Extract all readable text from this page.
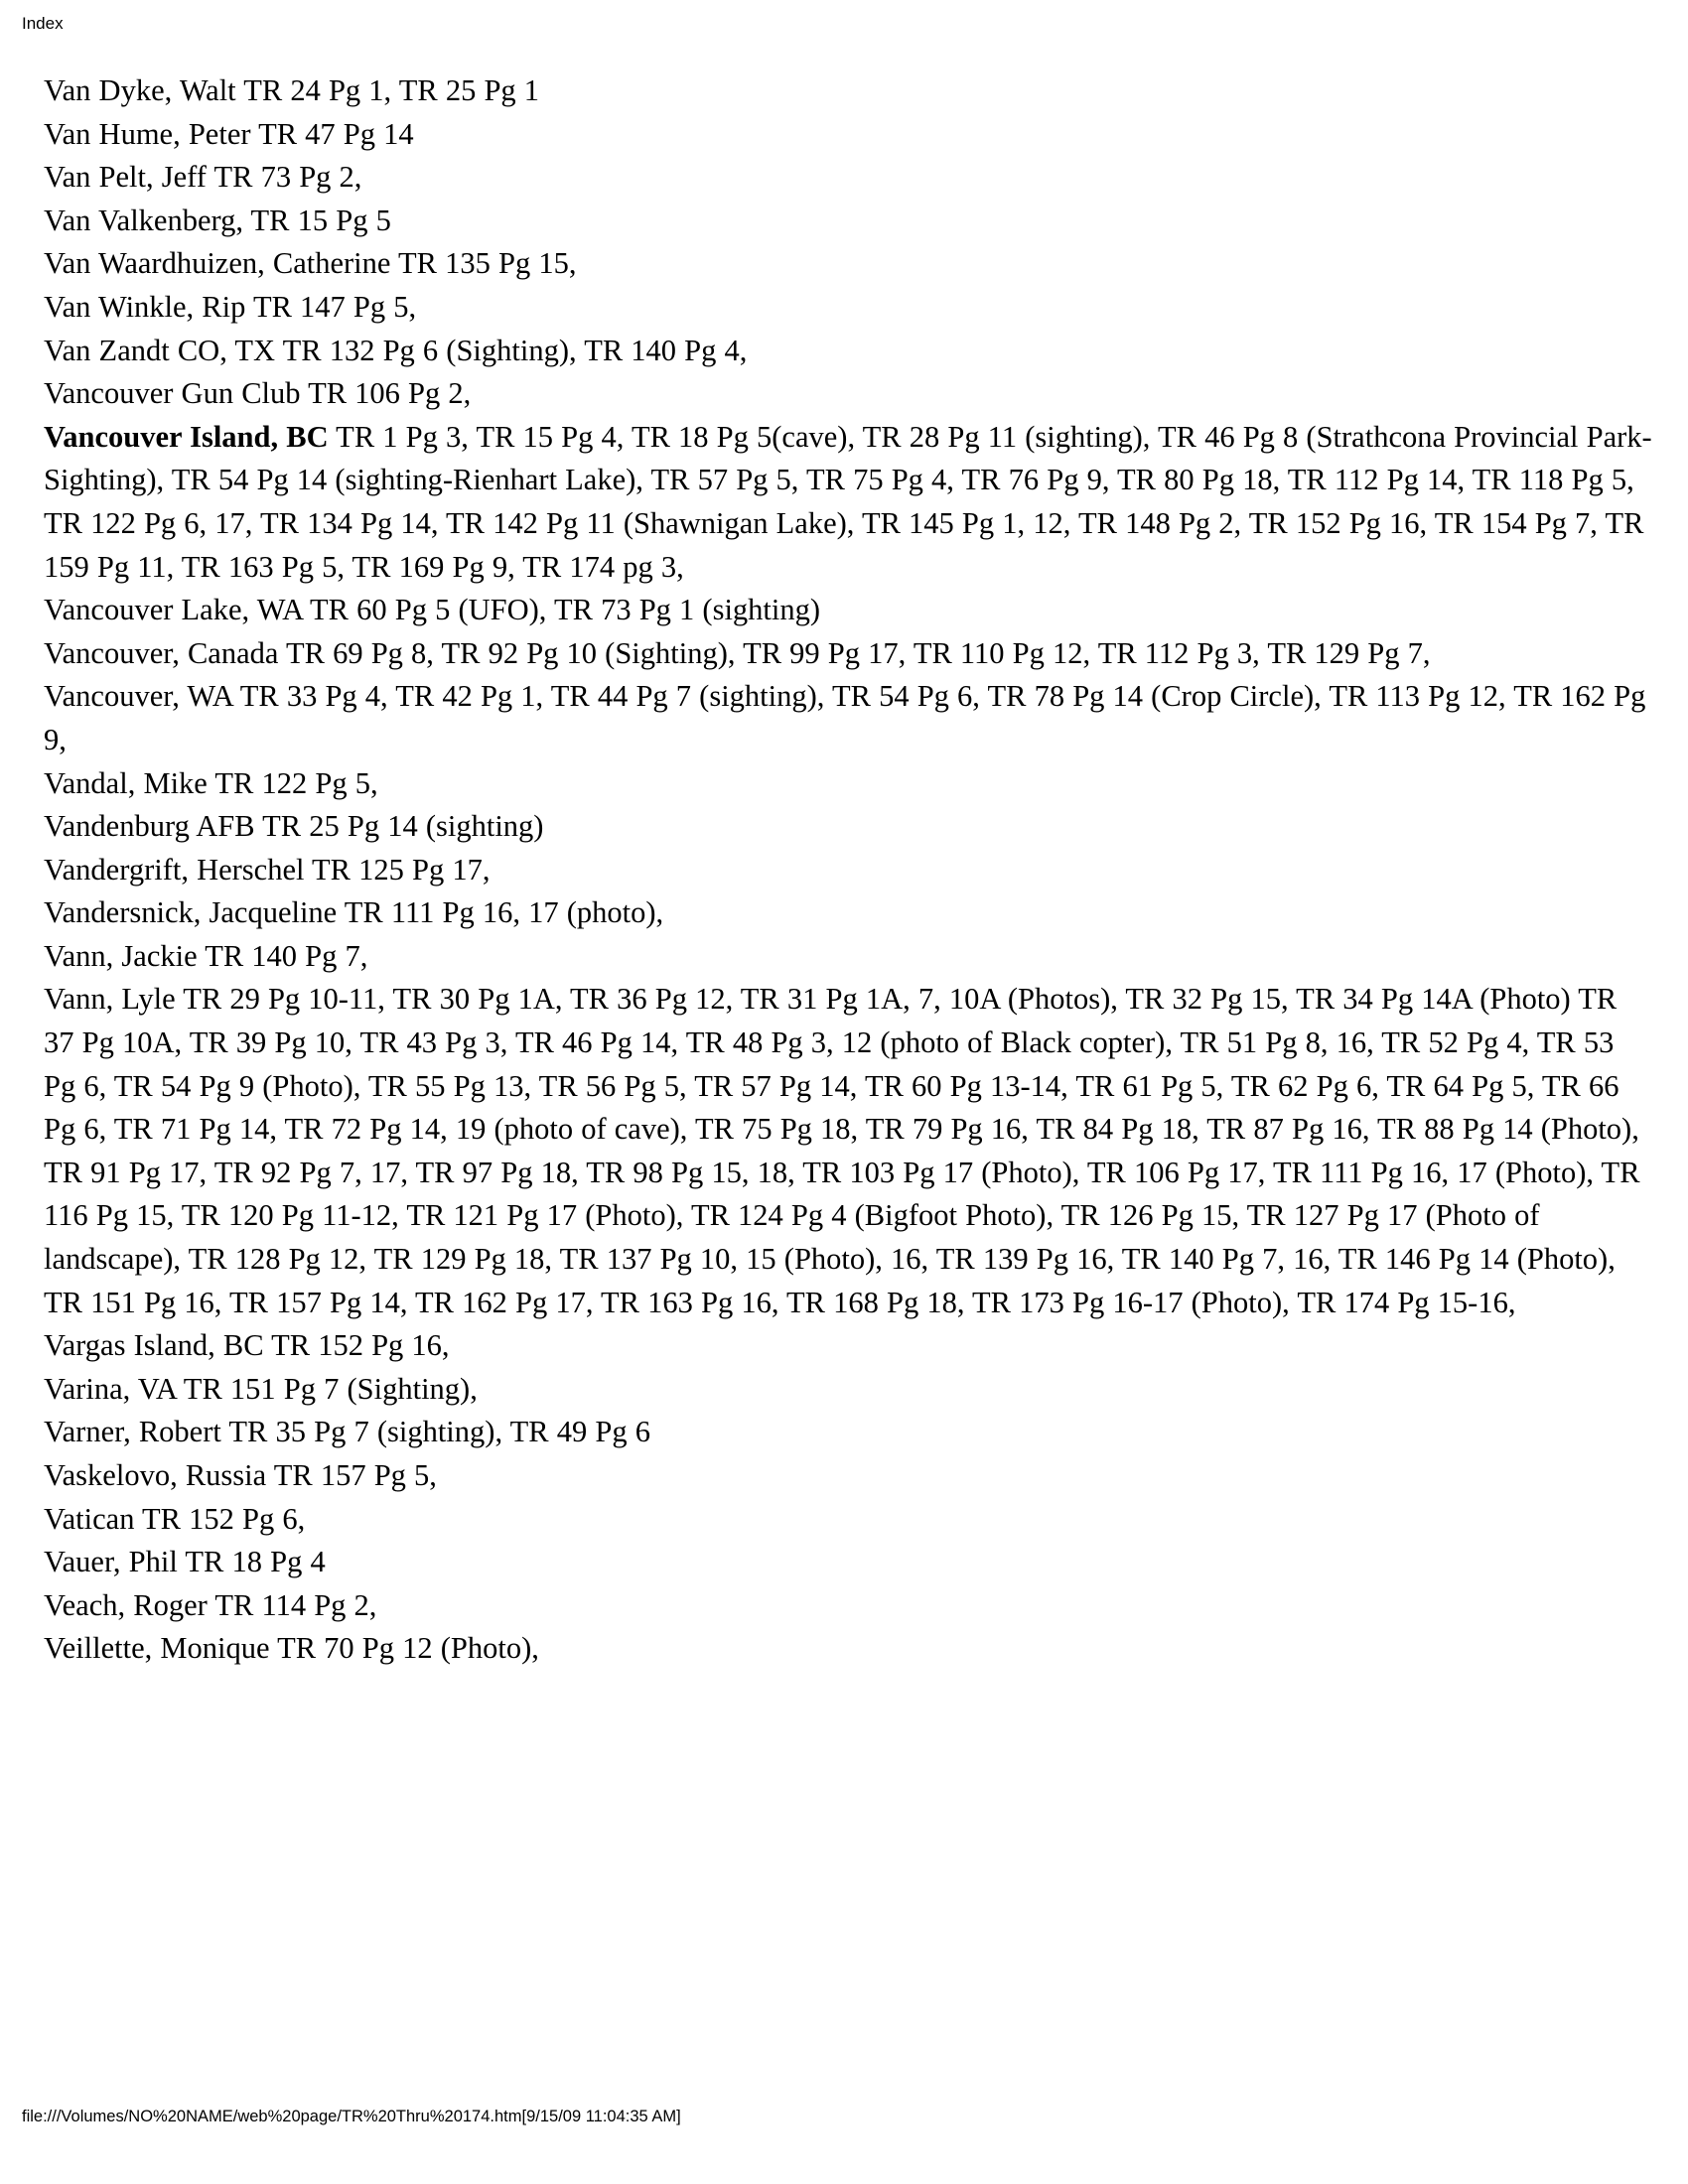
Index
Van Dyke, Walt TR 24 Pg 1, TR 25 Pg 1
Van Hume, Peter TR 47 Pg 14
Van Pelt, Jeff TR 73 Pg 2,
Van Valkenberg, TR 15 Pg 5
Van Waardhuizen, Catherine TR 135 Pg 15,
Van Winkle, Rip TR 147 Pg 5,
Van Zandt CO, TX TR 132 Pg 6 (Sighting), TR 140 Pg 4,
Vancouver Gun Club TR 106 Pg 2,
Vancouver Island, BC TR 1 Pg 3, TR 15 Pg 4, TR 18 Pg 5(cave), TR 28 Pg 11 (sighting), TR 46 Pg 8 (Strathcona Provincial Park- Sighting), TR 54 Pg 14 (sighting-Rienhart Lake), TR 57 Pg 5, TR 75 Pg 4, TR 76 Pg 9, TR 80 Pg 18, TR 112 Pg 14, TR 118 Pg 5, TR 122 Pg 6, 17, TR 134 Pg 14, TR 142 Pg 11 (Shawnigan Lake), TR 145 Pg 1, 12, TR 148 Pg 2, TR 152 Pg 16, TR 154 Pg 7, TR 159 Pg 11, TR 163 Pg 5, TR 169 Pg 9, TR 174 pg 3,
Vancouver Lake, WA TR 60 Pg 5 (UFO), TR 73 Pg 1 (sighting)
Vancouver, Canada TR 69 Pg 8, TR 92 Pg 10 (Sighting), TR 99 Pg 17, TR 110 Pg 12, TR 112 Pg 3, TR 129 Pg 7,
Vancouver, WA TR 33 Pg 4, TR 42 Pg 1, TR 44 Pg 7 (sighting), TR 54 Pg 6, TR 78 Pg 14 (Crop Circle), TR 113 Pg 12, TR 162 Pg 9,
Vandal, Mike TR 122 Pg 5,
Vandenburg AFB TR 25 Pg 14 (sighting)
Vandergrift, Herschel TR 125 Pg 17,
Vandersnick, Jacqueline TR 111 Pg 16, 17 (photo),
Vann, Jackie TR 140 Pg 7,
Vann, Lyle TR 29 Pg 10-11, TR 30 Pg 1A, TR 36 Pg 12, TR 31 Pg 1A, 7, 10A (Photos), TR 32 Pg 15, TR 34 Pg 14A (Photo) TR 37 Pg 10A, TR 39 Pg 10, TR 43 Pg 3, TR 46 Pg 14, TR 48 Pg 3, 12 (photo of Black copter), TR 51 Pg 8, 16, TR 52 Pg 4, TR 53 Pg 6, TR 54 Pg 9 (Photo), TR 55 Pg 13, TR 56 Pg 5, TR 57 Pg 14, TR 60 Pg 13-14, TR 61 Pg 5, TR 62 Pg 6, TR 64 Pg 5, TR 66 Pg 6, TR 71 Pg 14, TR 72 Pg 14, 19 (photo of cave), TR 75 Pg 18, TR 79 Pg 16, TR 84 Pg 18, TR 87 Pg 16, TR 88 Pg 14 (Photo), TR 91 Pg 17, TR 92 Pg 7, 17, TR 97 Pg 18, TR 98 Pg 15, 18, TR 103 Pg 17 (Photo), TR 106 Pg 17, TR 111 Pg 16, 17 (Photo), TR 116 Pg 15, TR 120 Pg 11-12, TR 121 Pg 17 (Photo), TR 124 Pg 4 (Bigfoot Photo), TR 126 Pg 15, TR 127 Pg 17 (Photo of landscape), TR 128 Pg 12, TR 129 Pg 18, TR 137 Pg 10, 15 (Photo), 16, TR 139 Pg 16, TR 140 Pg 7, 16, TR 146 Pg 14 (Photo), TR 151 Pg 16, TR 157 Pg 14, TR 162 Pg 17, TR 163 Pg 16, TR 168 Pg 18, TR 173 Pg 16-17 (Photo), TR 174 Pg 15-16,
Vargas Island, BC TR 152 Pg 16,
Varina, VA TR 151 Pg 7 (Sighting),
Varner, Robert TR 35 Pg 7 (sighting), TR 49 Pg 6
Vaskelovo, Russia TR 157 Pg 5,
Vatican TR 152 Pg 6,
Vauer, Phil TR 18 Pg 4
Veach, Roger TR 114 Pg 2,
Veillette, Monique TR 70 Pg 12 (Photo),
file:///Volumes/NO%20NAME/web%20page/TR%20Thru%20174.htm[9/15/09 11:04:35 AM]
